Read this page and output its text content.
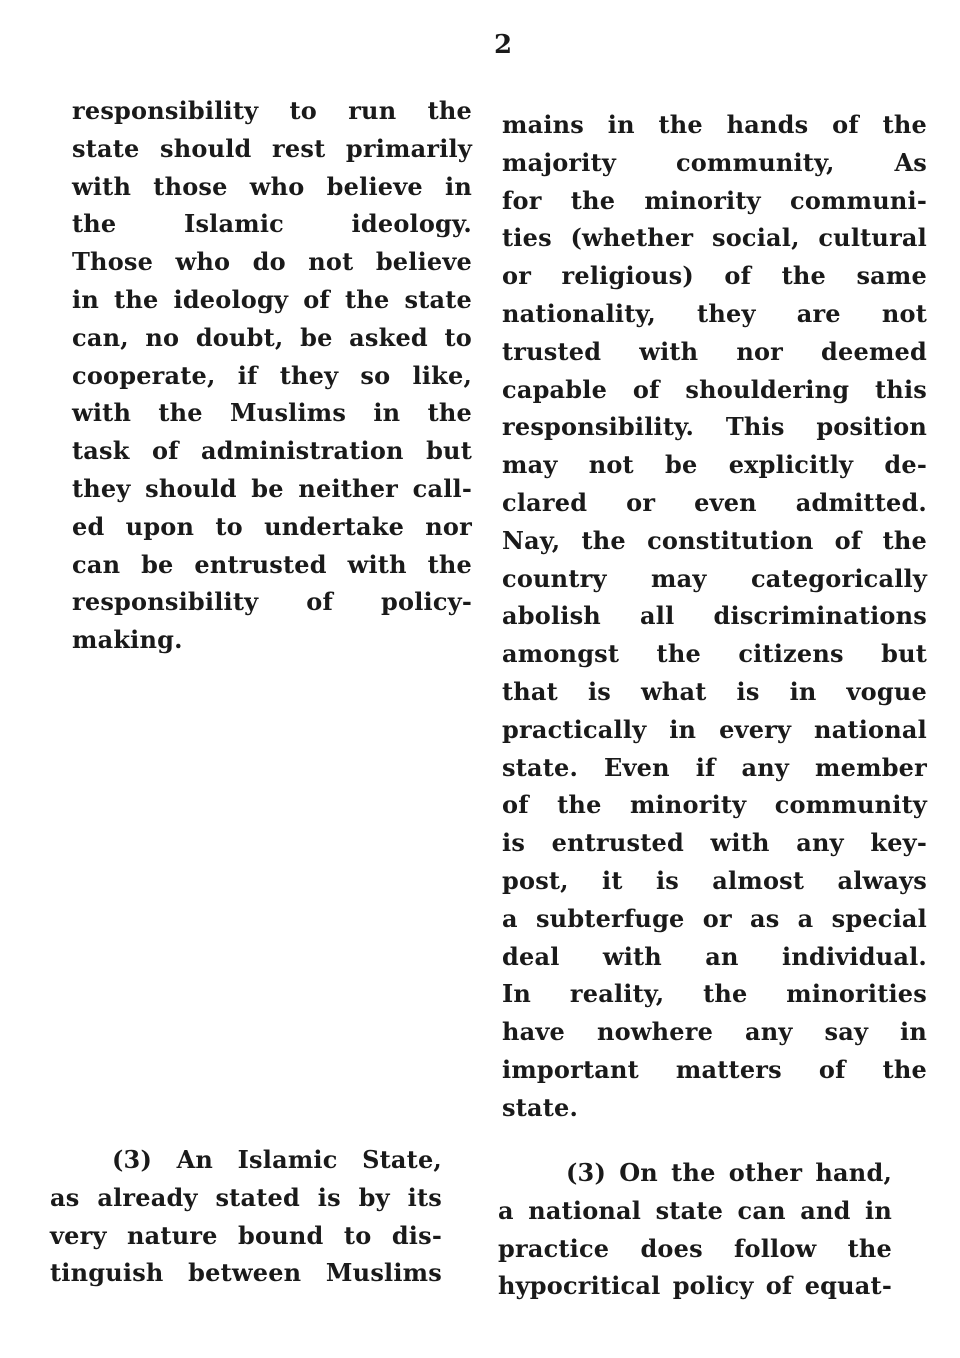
2
responsibility to run the
state should rest primarily
with those who believe in
the Islamic ideology.
Those who do not believe
in the ideology of the state
can, no doubt, be asked to
cooperate, if they so like,
with the Muslims in the
task of administration but
they should be neither call-
ed upon to undertake nor
can be entrusted with the
responsibility of policy-
making.
(3) An Islamic State,
as already stated is by its
very nature bound to dis-
tinguish between Muslims
mains in the hands of the
majority community, As
for the minority communi-
ties (whether social, cultural
or religious) of the same
nationality, they are not
trusted with nor deemed
capable of shouldering this
responsibility. This position
may not be explicitly de-
clared or even admitted.
Nay, the constitution of the
country may categorically
abolish all discriminations
amongst the citizens but
that is what is in vogue
practically in every national
state. Even if any member
of the minority community
is entrusted with any key-
post, it is almost always
a subterfuge or as a special
deal with an individual.
In reality, the minorities
have nowhere any say in
important matters of the
state.
(3) On the other hand,
a national state can and in
practice does follow the
hypocritical policy of equat-
